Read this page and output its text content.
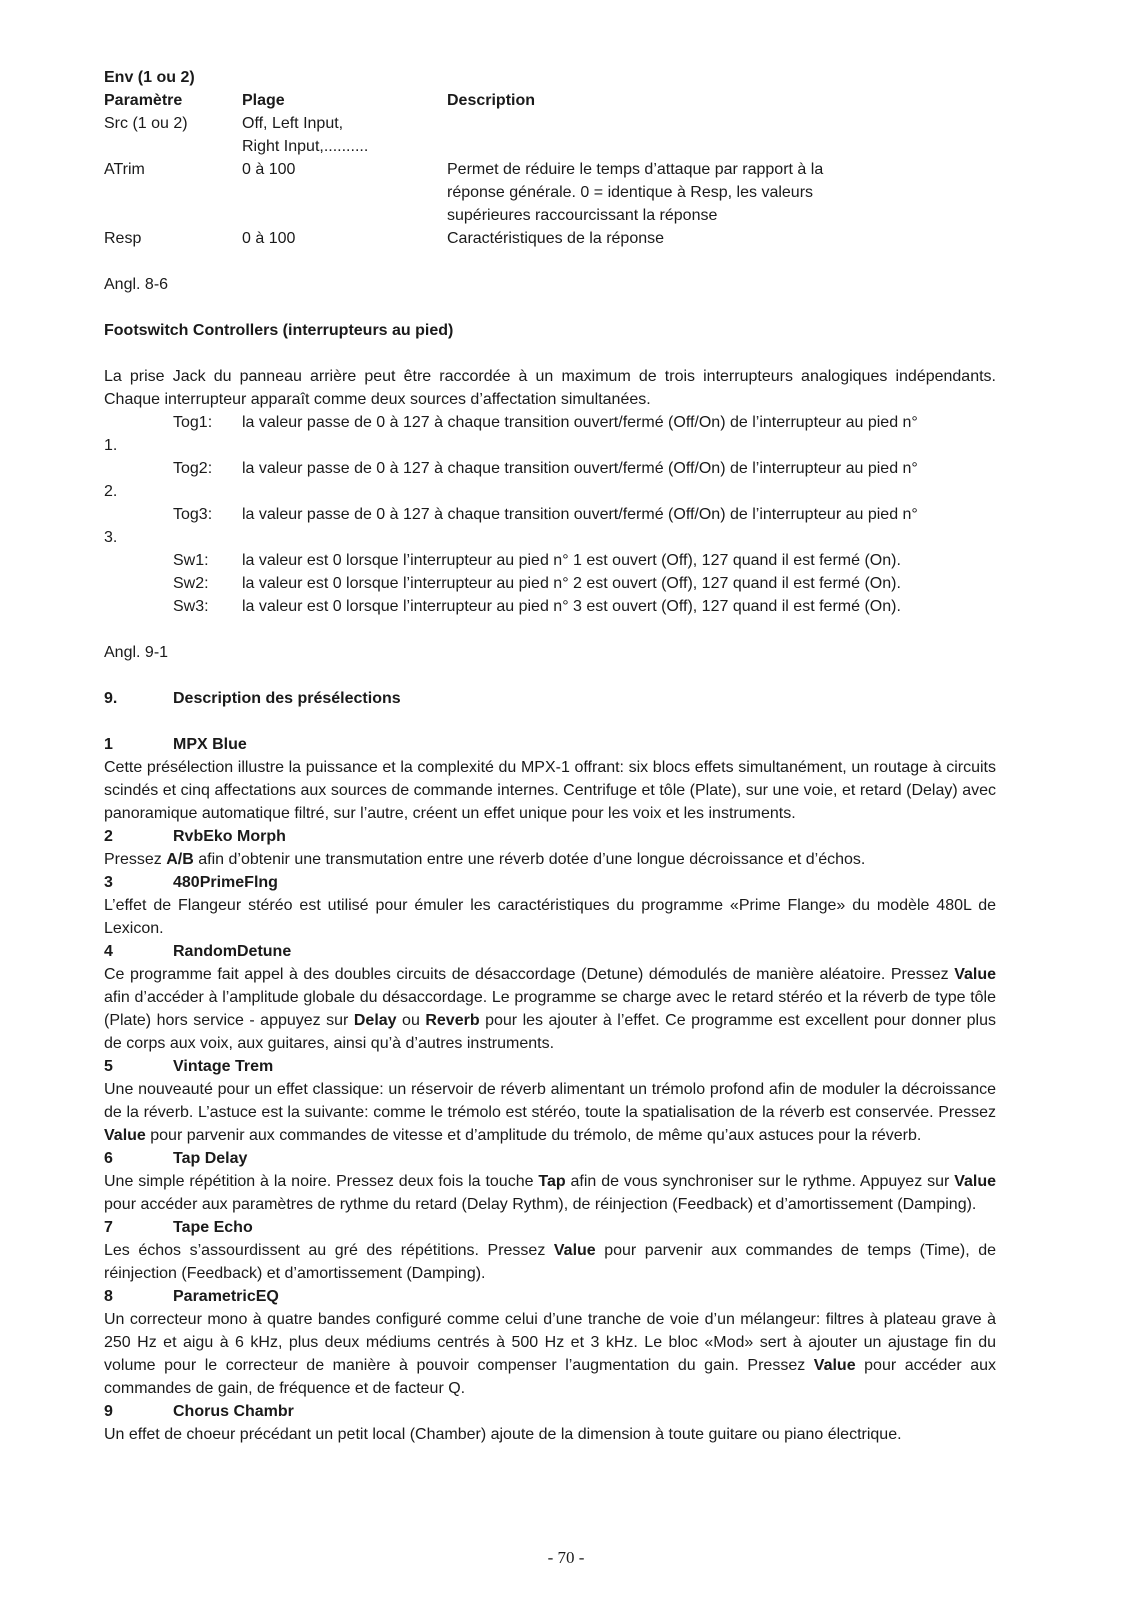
Env (1 ou 2)
Paramètre	Plage	Description
Src (1 ou 2)	Off, Left Input,
Right Input,..........
ATrim	0 à 100	Permet de réduire le temps d’attaque par rapport à la
réponse générale. 0 = identique à Resp, les valeurs
supérieures raccourcissant la réponse
Resp	0 à 100	Caractéristiques de la réponse
Angl. 8-6
Footswitch Controllers (interrupteurs au pied)
La prise Jack du panneau arrière peut être raccordée à un maximum de trois interrupteurs analogiques indépendants. Chaque interrupteur apparaît comme deux sources d’affectation simultanées.
Tog1: la valeur passe de 0 à 127 à chaque transition ouvert/fermé (Off/On) de l’interrupteur au pied n°
1.
Tog2: la valeur passe de 0 à 127 à chaque transition ouvert/fermé (Off/On) de l’interrupteur au pied n°
2.
Tog3: la valeur passe de 0 à 127 à chaque transition ouvert/fermé (Off/On) de l’interrupteur au pied n°
3.
Sw1: la valeur est 0 lorsque l’interrupteur au pied n° 1 est ouvert (Off), 127 quand il est fermé (On).
Sw2: la valeur est 0 lorsque l’interrupteur au pied n° 2 est ouvert (Off), 127 quand il est fermé (On).
Sw3: la valeur est 0 lorsque l’interrupteur au pied n° 3 est ouvert (Off), 127 quand il est fermé (On).
Angl. 9-1
9.	Description des présélections
1	MPX Blue
Cette présélection illustre la puissance et la complexité du MPX-1 offrant: six blocs effets simultanément, un routage à circuits scindés et cinq affectations aux sources de commande internes. Centrifuge et tôle (Plate), sur une voie, et retard (Delay) avec panoramique automatique filtré, sur l’autre, créent un effet unique pour les voix et les instruments.
2	RvbEko Morph
Pressez A/B afin d’obtenir une transmutation entre une réverb dotée d’une longue décroissance et d’échos.
3	480PrimeFlng
L’effet de Flangeur stéréo est utilisé pour émuler les caractéristiques du programme «Prime Flange» du modèle 480L de Lexicon.
4	RandomDetune
Ce programme fait appel à des doubles circuits de désaccordage (Detune) démodulés de manière aléatoire. Pressez Value afin d’accéder à l’amplitude globale du désaccordage. Le programme se charge avec le retard stéréo et la réverb de type tôle (Plate) hors service - appuyez sur Delay ou Reverb pour les ajouter à l’effet. Ce programme est excellent pour donner plus de corps aux voix, aux guitares, ainsi qu’à d’autres instruments.
5	Vintage Trem
Une nouveauté pour un effet classique: un réservoir de réverb alimentant un trémolo profond afin de moduler la décroissance de la réverb. L’astuce est la suivante: comme le trémolo est stéréo, toute la spatialisation de la réverb est conservée. Pressez Value pour parvenir aux commandes de vitesse et d’amplitude du trémolo, de même qu’aux astuces pour la réverb.
6	Tap Delay
Une simple répétition à la noire. Pressez deux fois la touche Tap afin de vous synchroniser sur le rythme. Appuyez sur Value pour accéder aux paramètres de rythme du retard (Delay Rythm), de réinjection (Feedback) et d’amortissement (Damping).
7	Tape Echo
Les échos s’assourdissent au gré des répétitions. Pressez Value pour parvenir aux commandes de temps (Time), de réinjection (Feedback) et d’amortissement (Damping).
8	ParametricEQ
Un correcteur mono à quatre bandes configuré comme celui d’une tranche de voie d’un mélangeur: filtres à plateau grave à 250 Hz et aigu à 6 kHz, plus deux médiums centrés à 500 Hz et 3 kHz. Le bloc «Mod» sert à ajouter un ajustage fin du volume pour le correcteur de manière à pouvoir compenser l’augmentation du gain. Pressez Value pour accéder aux commandes de gain, de fréquence et de facteur Q.
9	Chorus Chambr
Un effet de choeur précédant un petit local (Chamber) ajoute de la dimension à toute guitare ou piano électrique.
- 70 -
